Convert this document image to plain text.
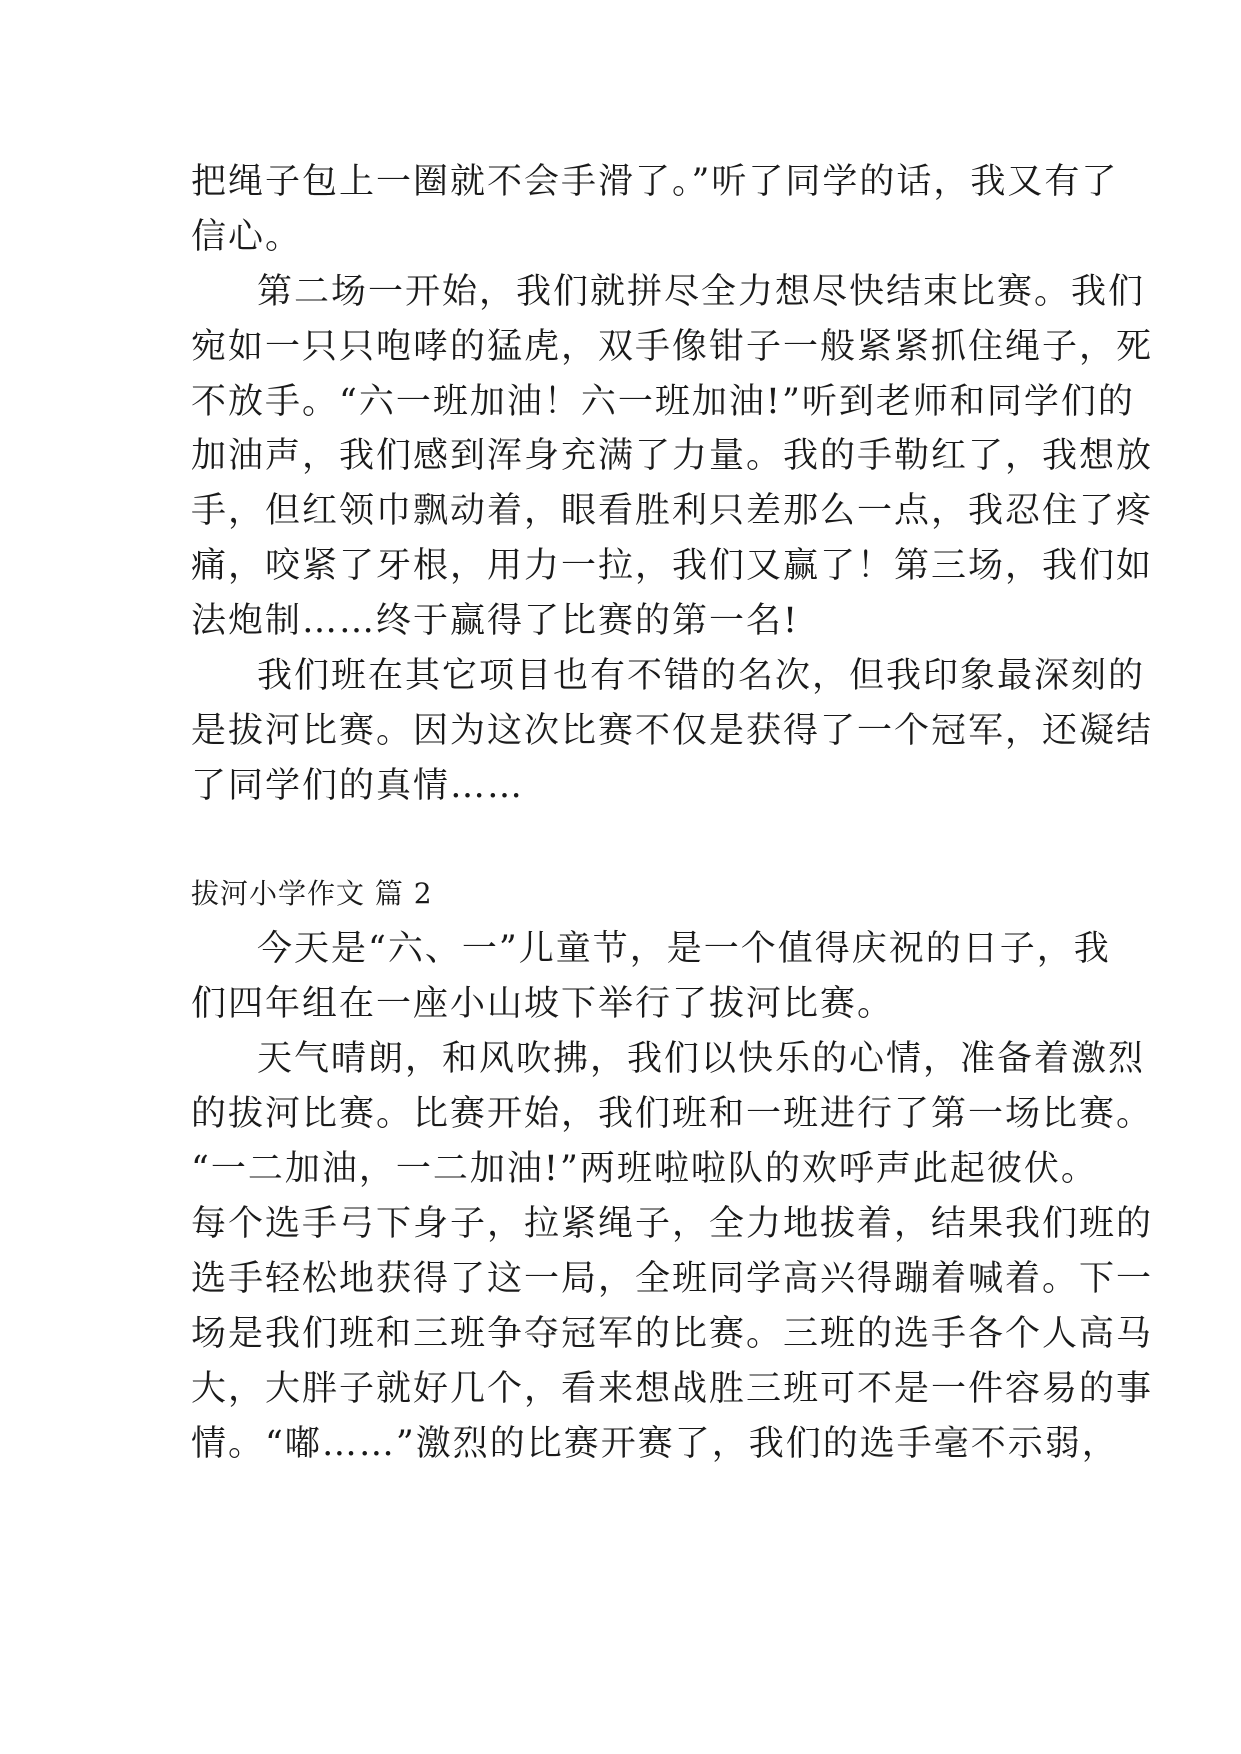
把绳子包上一圈就不会手滑了。”听了同学的话，我又有了
信心。
第二场一开始，我们就拼尽全力想尽快结束比赛。我们
宛如一只只咆哮的猛虎，双手像钳子一般紧紧抓住绳子，死
不放手。“六一班加油！六一班加油!”听到老师和同学们的
加油声，我们感到浑身充满了力量。我的手勒红了，我想放
手，但红领巾飘动着，眼看胜利只差那么一点，我忍住了疼
痛，咬紧了牙根，用力一拉，我们又赢了！第三场，我们如
法炮制……终于赢得了比赛的第一名!
我们班在其它项目也有不错的名次，但我印象最深刻的
是拔河比赛。因为这次比赛不仅是获得了一个冠军，还凝结
了同学们的真情……
拔河小学作文 篇 2
今天是“六、一”儿童节，是一个值得庆祝的日子，我
们四年组在一座小山坡下举行了拔河比赛。
天气晴朗，和风吹拂，我们以快乐的心情，准备着激烈
的拔河比赛。比赛开始，我们班和一班进行了第一场比赛。
“一二加油，一二加油!”两班啦啦队的欢呼声此起彼伏。
每个选手弓下身子，拉紧绳子，全力地拔着，结果我们班的
选手轻松地获得了这一局，全班同学高兴得蹦着喊着。下一
场是我们班和三班争夺冠军的比赛。三班的选手各个人高马
大，大胖子就好几个，看来想战胜三班可不是一件容易的事
情。“嘟……”激烈的比赛开赛了，我们的选手毫不示弱，
